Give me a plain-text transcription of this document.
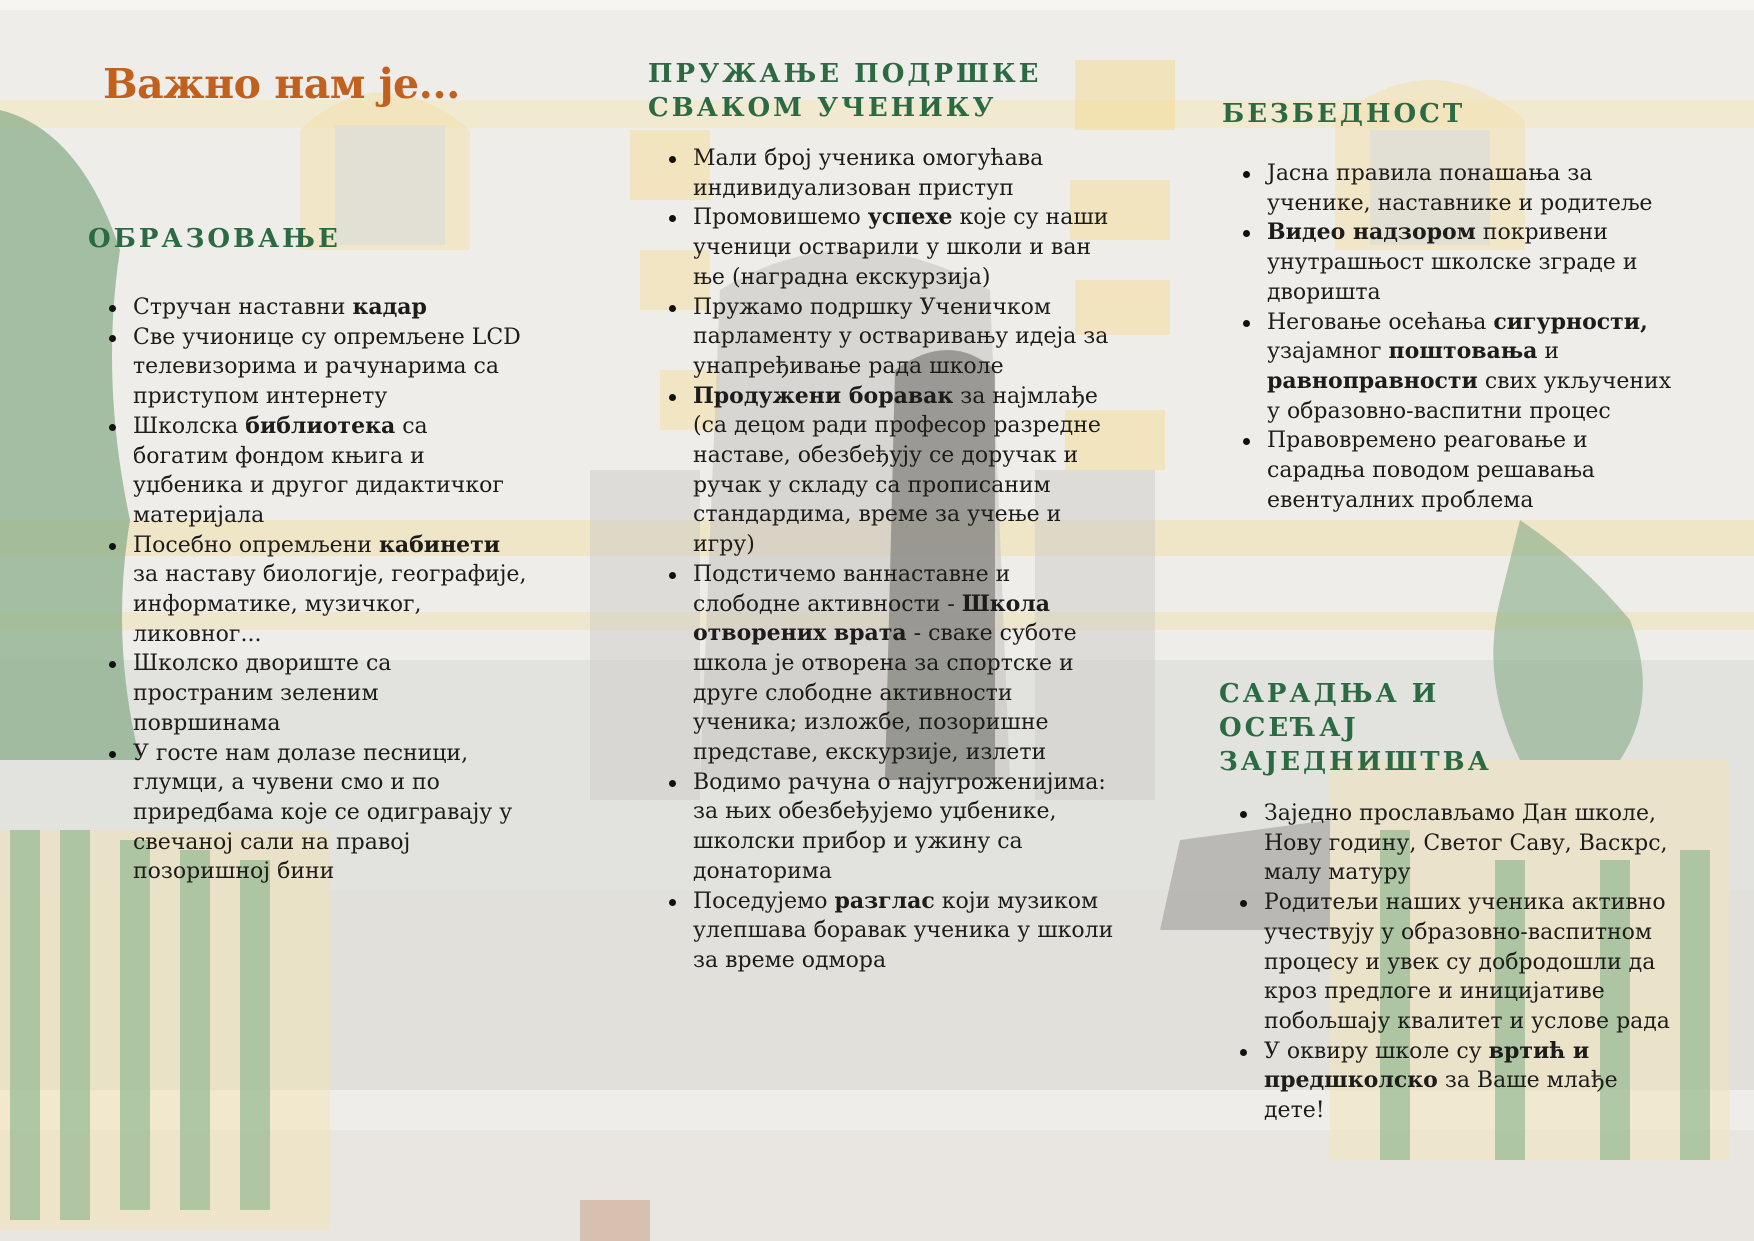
Важно нам је...
ОБРАЗОВАЊЕ
Стручан наставни кадар
Све учионице су опремљене LCD телевизорима и рачунарима са приступом интернету
Школска библиотека са богатим фондом књига и уџбеника и другог дидактичког материјала
Посебно опремљени кабинети за наставу биологије, географије, информатике, музичког, ликовног...
Школско двориште са пространим зеленим површинама
У госте нам долазе песници, глумци, а чувени смо и по приредбама које се одигравају у свечаној сали на правој позоришној бини
ПРУЖАЊЕ ПОДРШКЕ СВАКОМ УЧЕНИКУ
Мали број ученика омогућава индивидуализован приступ
Промовишемо успехе које су наши ученици остварили у школи и ван ње (наградна екскурзија)
Пружамо подршку Ученичком парламенту у остваривању идеја за унапређивање рада школе
Продужени боравак за најмлађе (са децом ради професор разредне наставе, обезбеђују се доручак и ручак у складу са прописаним стандардима, време за учење и игру)
Подстичемо ваннаставне и слободне активности - Школа отворених врата - сваке суботе школа је отворена за спортске и друге слободне активности ученика; изложбе, позоришне представе, екскурзије, излети
Водимо рачуна о најугроженијима: за њих обезбеђујемо уџбенике, школски прибор и ужину са донаторима
Поседујемо разглас који музиком улепшава боравак ученика у школи за време одмора
БЕЗБЕДНОСТ
Јасна правила понашања за ученике, наставнике и родитеље
Видео надзором покривени унутрашњост школске зграде и дворишта
Неговање осећања сигурности, узајамног поштовања и равноправности свих укључених у образовно-васпитни процес
Правовремено реаговање и сарадња поводом решавања евентуалних проблема
САРАДЊА И ОСЕЋАЈ ЗАЈЕДНИШТВА
Заједно прослављамо Дан школе, Нову годину, Светог Саву, Васкрс, малу матуру
Родитељи наших ученика активно учествују у образовно-васпитном процесу и увек су добродошли да кроз предлоге и иницијативе побољшају квалитет и услове рада
У оквиру школе су вртић и предшколско за Ваше млађе дете!
